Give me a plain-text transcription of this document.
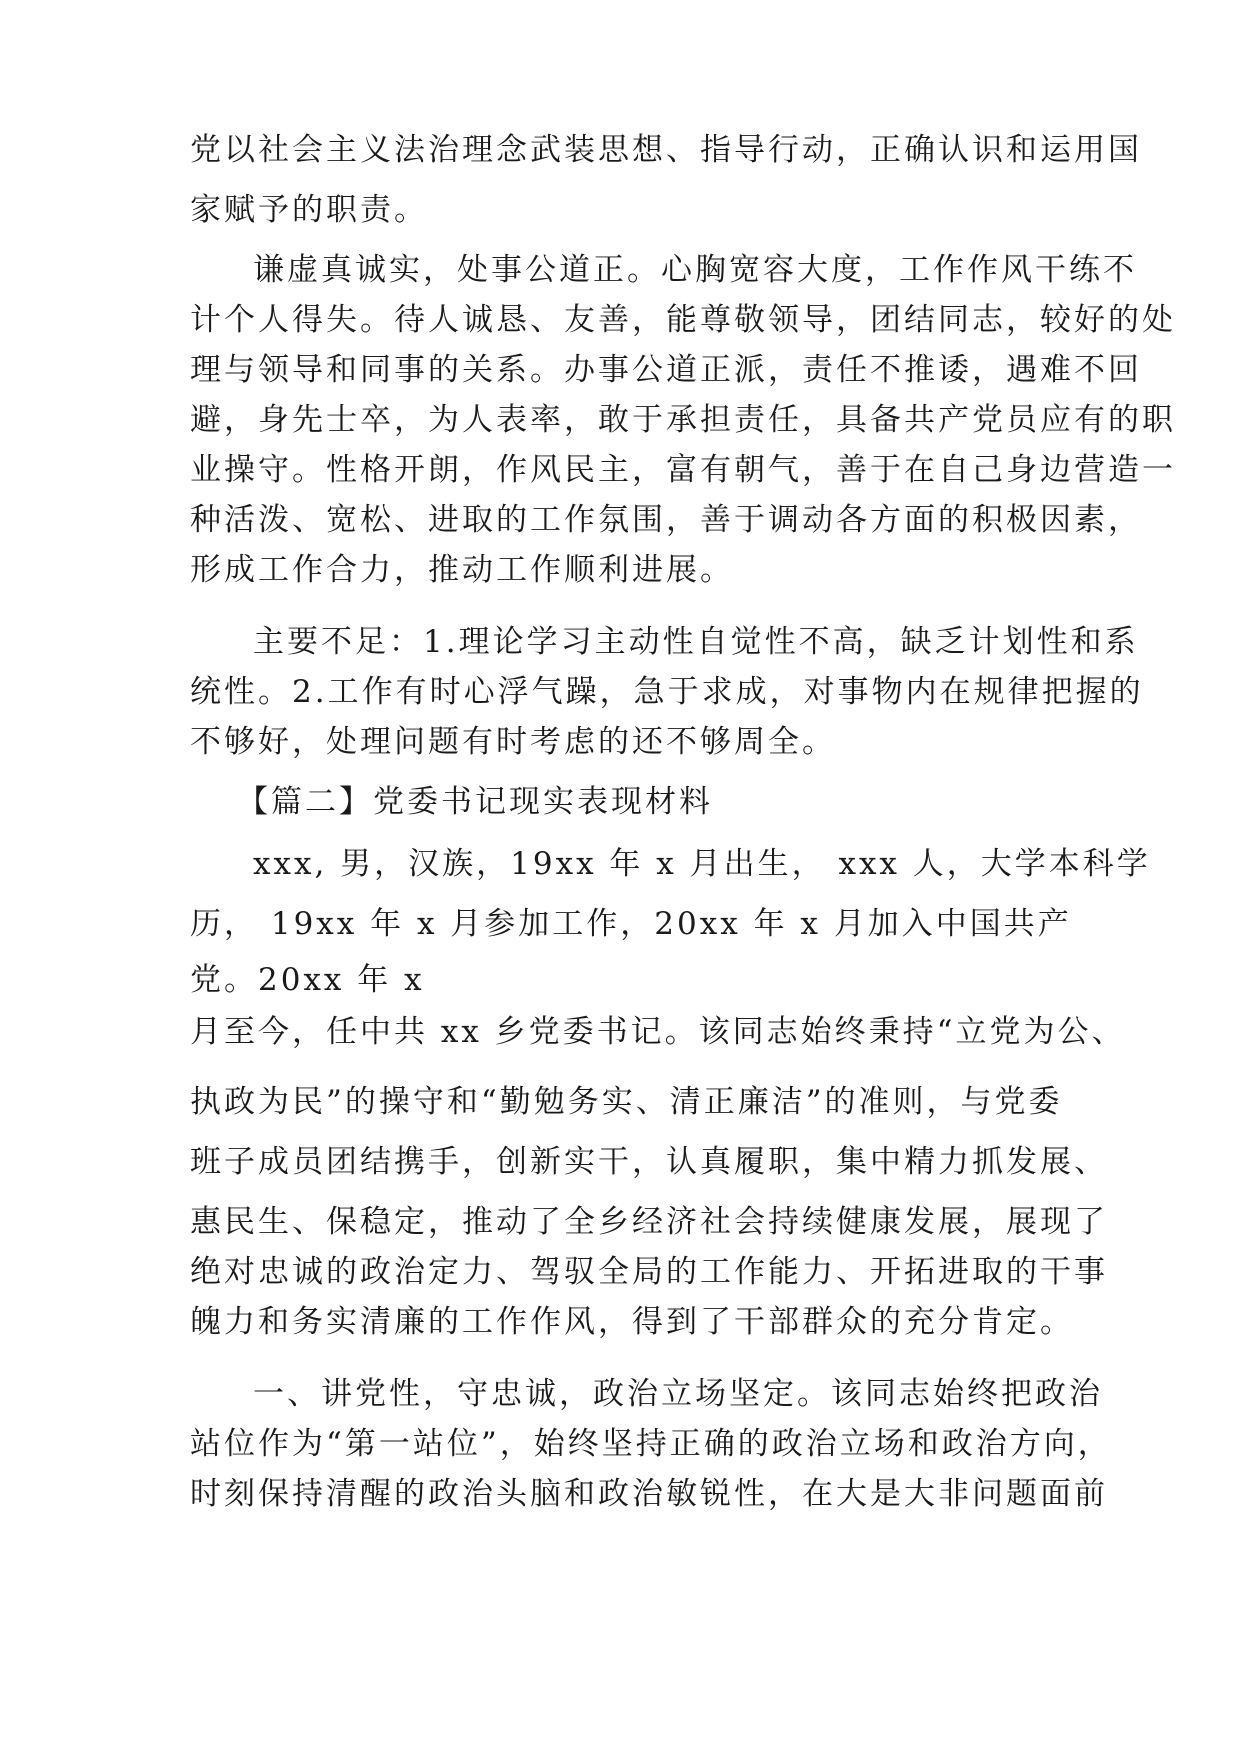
党以社会主义法治理念武装思想、指导行动，正确认识和运用国

家赋予的职责。

谦虚真诚实，处事公道正。心胸宽容大度，工作作风干练不

计个人得失。待人诚恳、友善，能尊敬领导，团结同志，较好的处

理与领导和同事的关系。办事公道正派，责任不推诿，遇难不回

避，身先士卒，为人表率，敢于承担责任，具备共产党员应有的职

业操守。性格开朗，作风民主，富有朝气，善于在自己身边营造一

种活泼、宽松、进取的工作氛围，善于调动各方面的积极因素，

形成工作合力，推动工作顺利进展。

主要不足：1.理论学习主动性自觉性不高，缺乏计划性和系

统性。2.工作有时心浮气躁，急于求成，对事物内在规律把握的

不够好，处理问题有时考虑的还不够周全。

【篇二】党委书记现实表现材料

xxx, 男，汉族，19xx 年 x 月出生， xxx 人，大学本科学

历， 19xx 年 x 月参加工作，20xx 年 x 月加入中国共产

党。20xx 年 x

月至今，任中共 xx 乡党委书记。该同志始终秉持“立党为公、

执政为民”的操守和“勤勉务实、清正廉洁”的准则，与党委

班子成员团结携手，创新实干，认真履职，集中精力抓发展、

惠民生、保稳定，推动了全乡经济社会持续健康发展，展现了

绝对忠诚的政治定力、驾驭全局的工作能力、开拓进取的干事

魄力和务实清廉的工作作风，得到了干部群众的充分肯定。

一、讲党性，守忠诚，政治立场坚定。该同志始终把政治

站位作为“第一站位”，始终坚持正确的政治立场和政治方向，

时刻保持清醒的政治头脑和政治敏锐性，在大是大非问题面前
